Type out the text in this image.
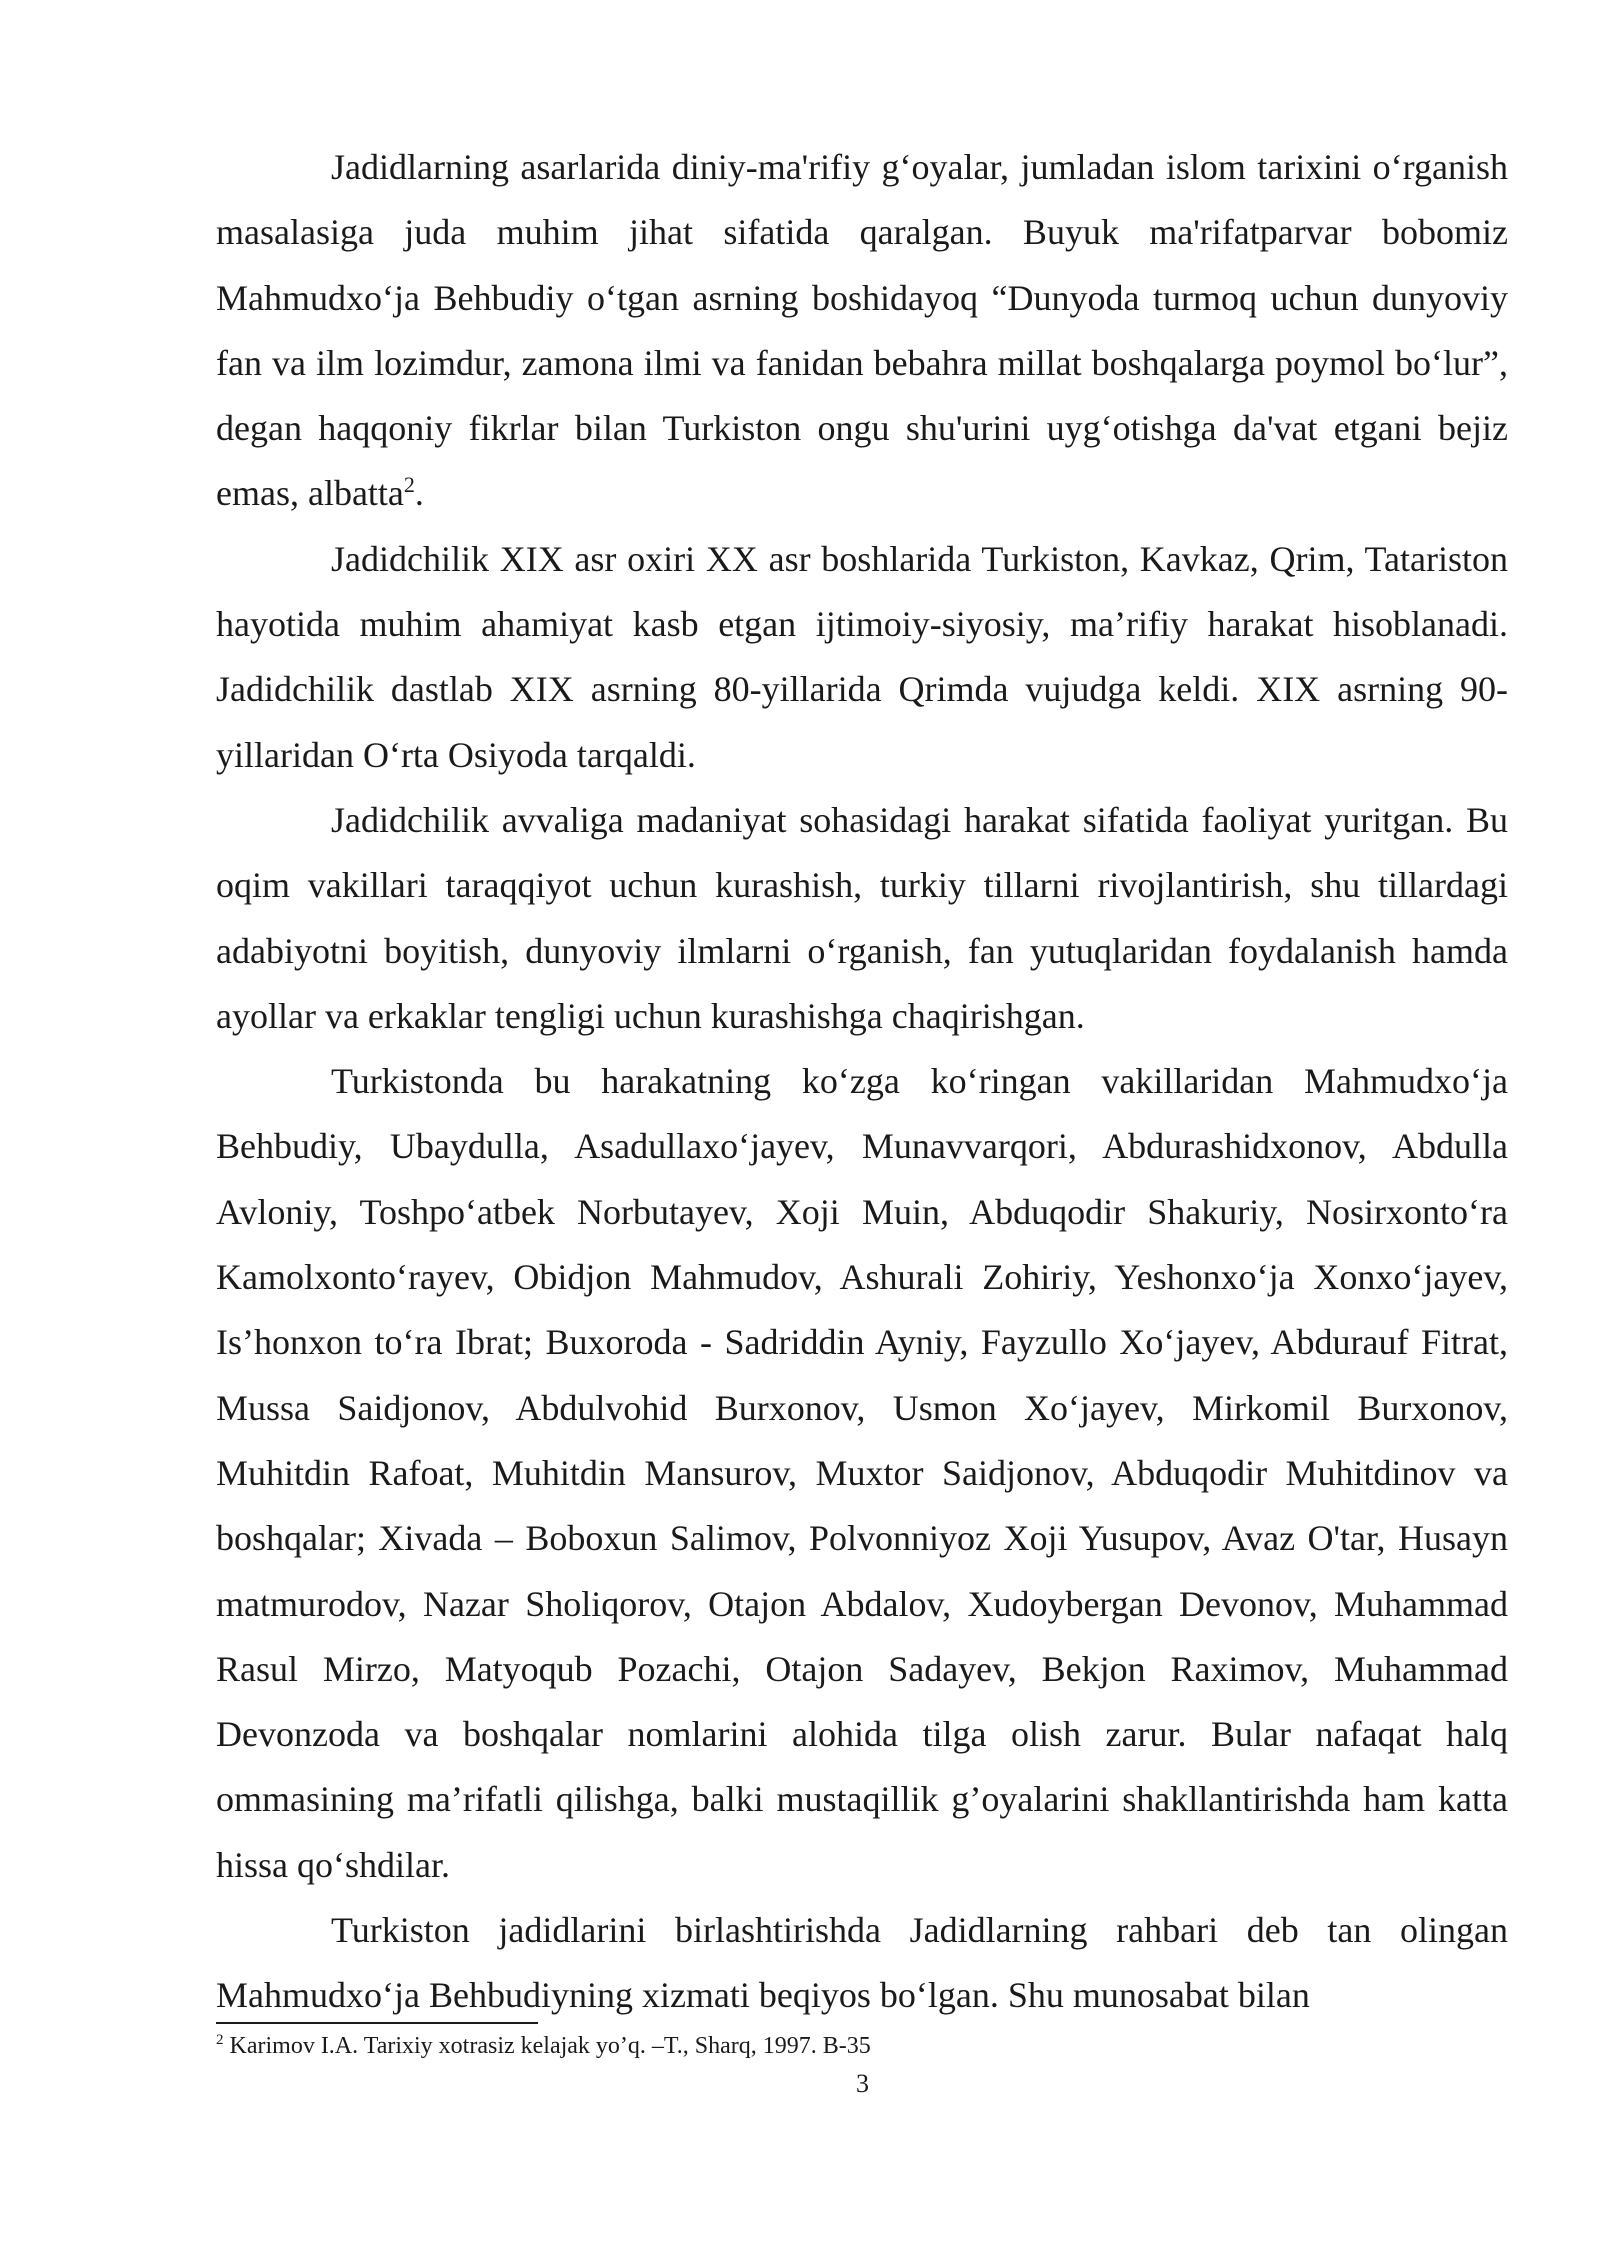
Jadidlarning asarlarida diniy-ma'rifiy g‘oyalar, jumladan islom tarixini o‘rganish masalasiga juda muhim jihat sifatida qaralgan. Buyuk ma'rifatparvar bobomiz Mahmudxo‘ja Behbudiy o‘tgan asrning boshidayoq “Dunyoda turmoq uchun dunyoviy fan va ilm lozimdur, zamona ilmi va fanidan bebahra millat boshqalarga poymol bo‘lur”, degan haqqoniy fikrlar bilan Turkiston ongu shu'urini uyg‘otishga da'vat etgani bejiz emas, albatta$^2$.

Jadidchilik XIX asr oxiri XX asr boshlarida Turkiston, Kavkaz, Qrim, Tatariston hayotida muhim ahamiyat kasb etgan ijtimoiy-siyosiy, ma’rifiy harakat hisoblanadi. Jadidchilik dastlab XIX asrning 80-yillarida Qrimda vujudga keldi. XIX asrning 90-yillaridan O‘rta Osiyoda tarqaldi.

Jadidchilik avvaliga madaniyat sohasidagi harakat sifatida faoliyat yuritgan. Bu oqim vakillari taraqqiyot uchun kurashish, turkiy tillarni rivojlantirish, shu tillardagi adabiyotni boyitish, dunyoviy ilmlarni o‘rganish, fan yutuqlaridan foydalanish hamda ayollar va erkaklar tengligi uchun kurashishga chaqirishgan.

Turkistonda bu harakatning ko‘zga ko‘ringan vakillaridan Mahmudxo‘ja Behbudiy, Ubaydulla, Asadullaxo‘jayev, Munavvarqori, Abdurashidxonov, Abdulla Avloniy, Toshpo‘atbek Norbutayev, Xoji Muin, Abduqodir Shakuriy, Nosirxonto‘ra Kamolxonto‘rayev, Obidjon Mahmudov, Ashurali Zohiriy, Yeshonxo‘ja Xonxo‘jayev, Is’honxon to‘ra Ibrat; Buxoroda - Sadriddin Ayniy, Fayzullo Xo‘jayev, Abdurauf Fitrat, Mussa Saidjonov, Abdulvohid Burxonov, Usmon Xo‘jayev, Mirkomil Burxonov, Muhitdin Rafoat, Muhitdin Mansurov, Muxtor Saidjonov, Abduqodir Muhitdinov va boshqalar; Xivada – Boboxun Salimov, Polvonniyoz Xoji Yusupov, Avaz O'tar, Husayn matmurodov, Nazar Sholiqorov, Otajon Abdalov, Xudoybergan Devonov, Muhammad Rasul Mirzo, Matyoqub Pozachi, Otajon Sadayev, Bekjon Raximov, Muhammad Devonzoda va boshqalar nomlarini alohida tilga olish zarur. Bular nafaqat halq ommasining ma’rifatli qilishga, balki mustaqillik g’oyalarini shakllantirishda ham katta hissa qo‘shdilar.

Turkiston jadidlarini birlashtirishda Jadidlarning rahbari deb tan olingan Mahmudxo‘ja Behbudiyning xizmati beqiyos bo‘lgan. Shu munosabat bilan

$^2$ Karimov I.A. Tarixiy xotrasiz kelajak yo’q. –T., Sharq, 1997. B-35

3
